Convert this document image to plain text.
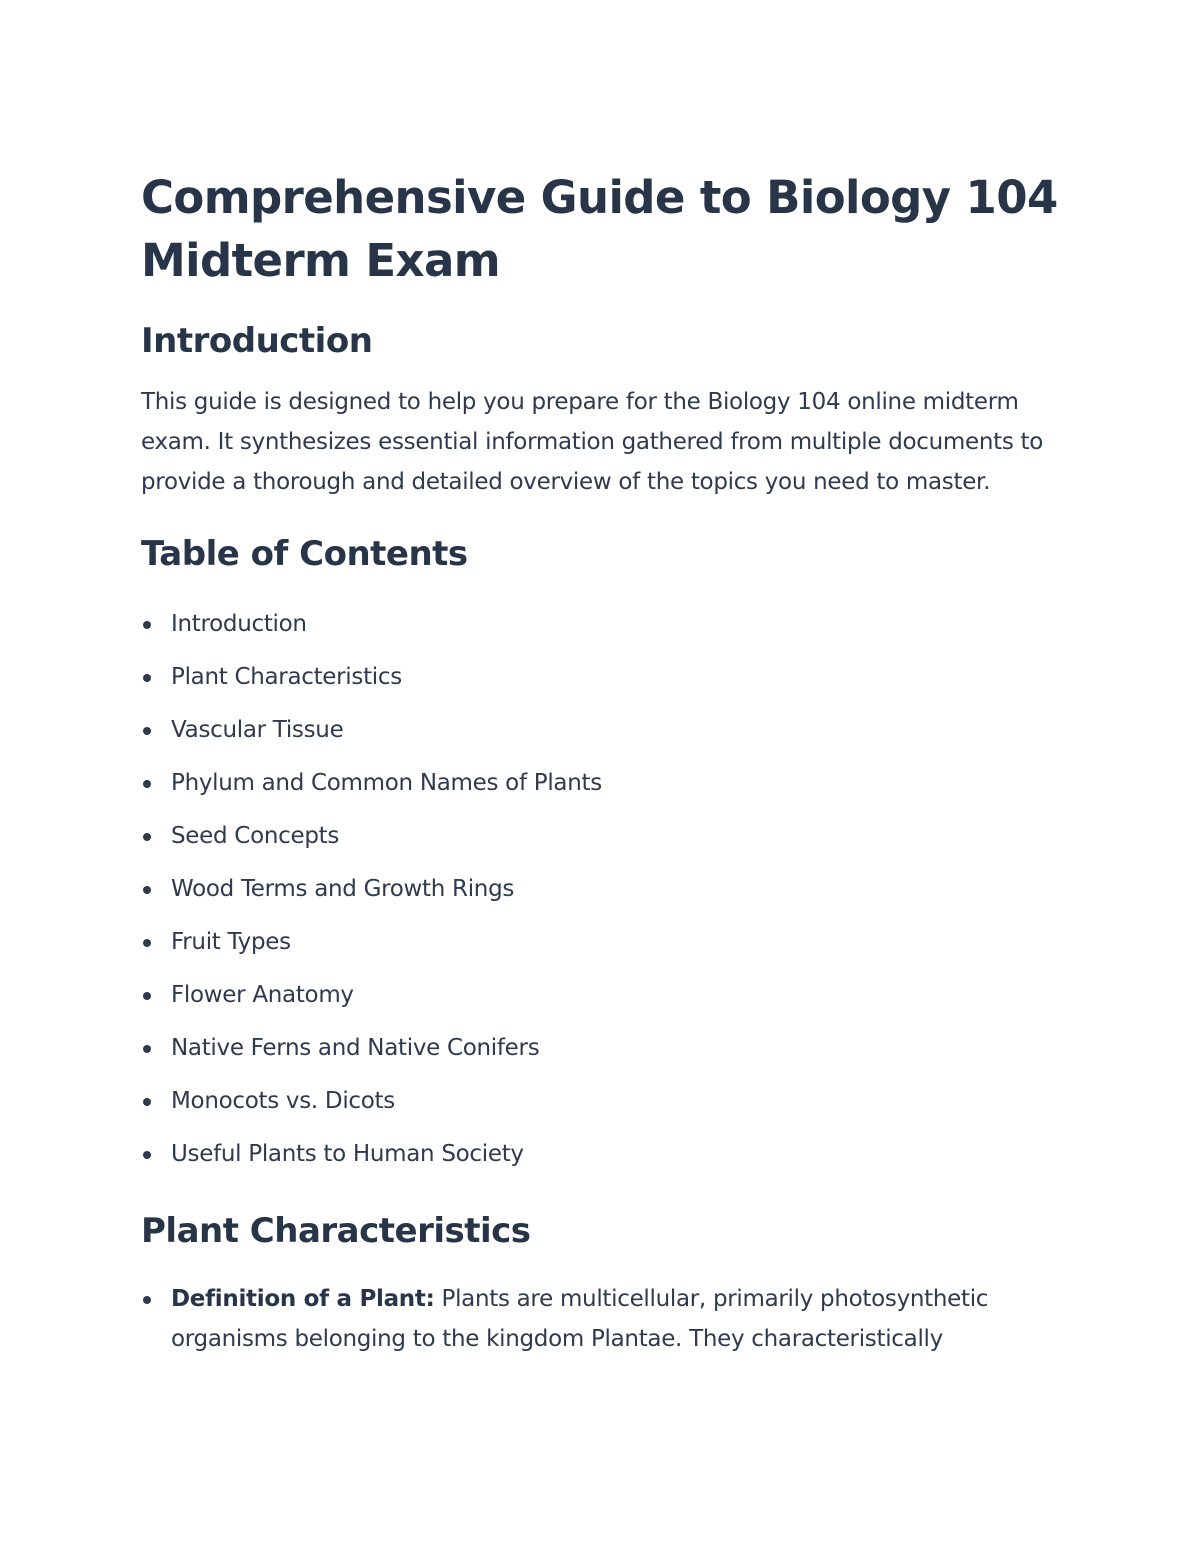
Comprehensive Guide to Biology 104 Midterm Exam
Introduction

This guide is designed to help you prepare for the Biology 104 online midterm exam. It synthesizes essential information gathered from multiple documents to provide a thorough and detailed overview of the topics you need to master.

Table of Contents
Introduction
Plant Characteristics
Vascular Tissue
Phylum and Common Names of Plants
Seed Concepts
Wood Terms and Growth Rings
Fruit Types
Flower Anatomy
Native Ferns and Native Conifers
Monocots vs. Dicots
Useful Plants to Human Society
Plant Characteristics
Definition of a Plant: Plants are multicellular, primarily photosynthetic organisms belonging to the kingdom Plantae. They characteristically
